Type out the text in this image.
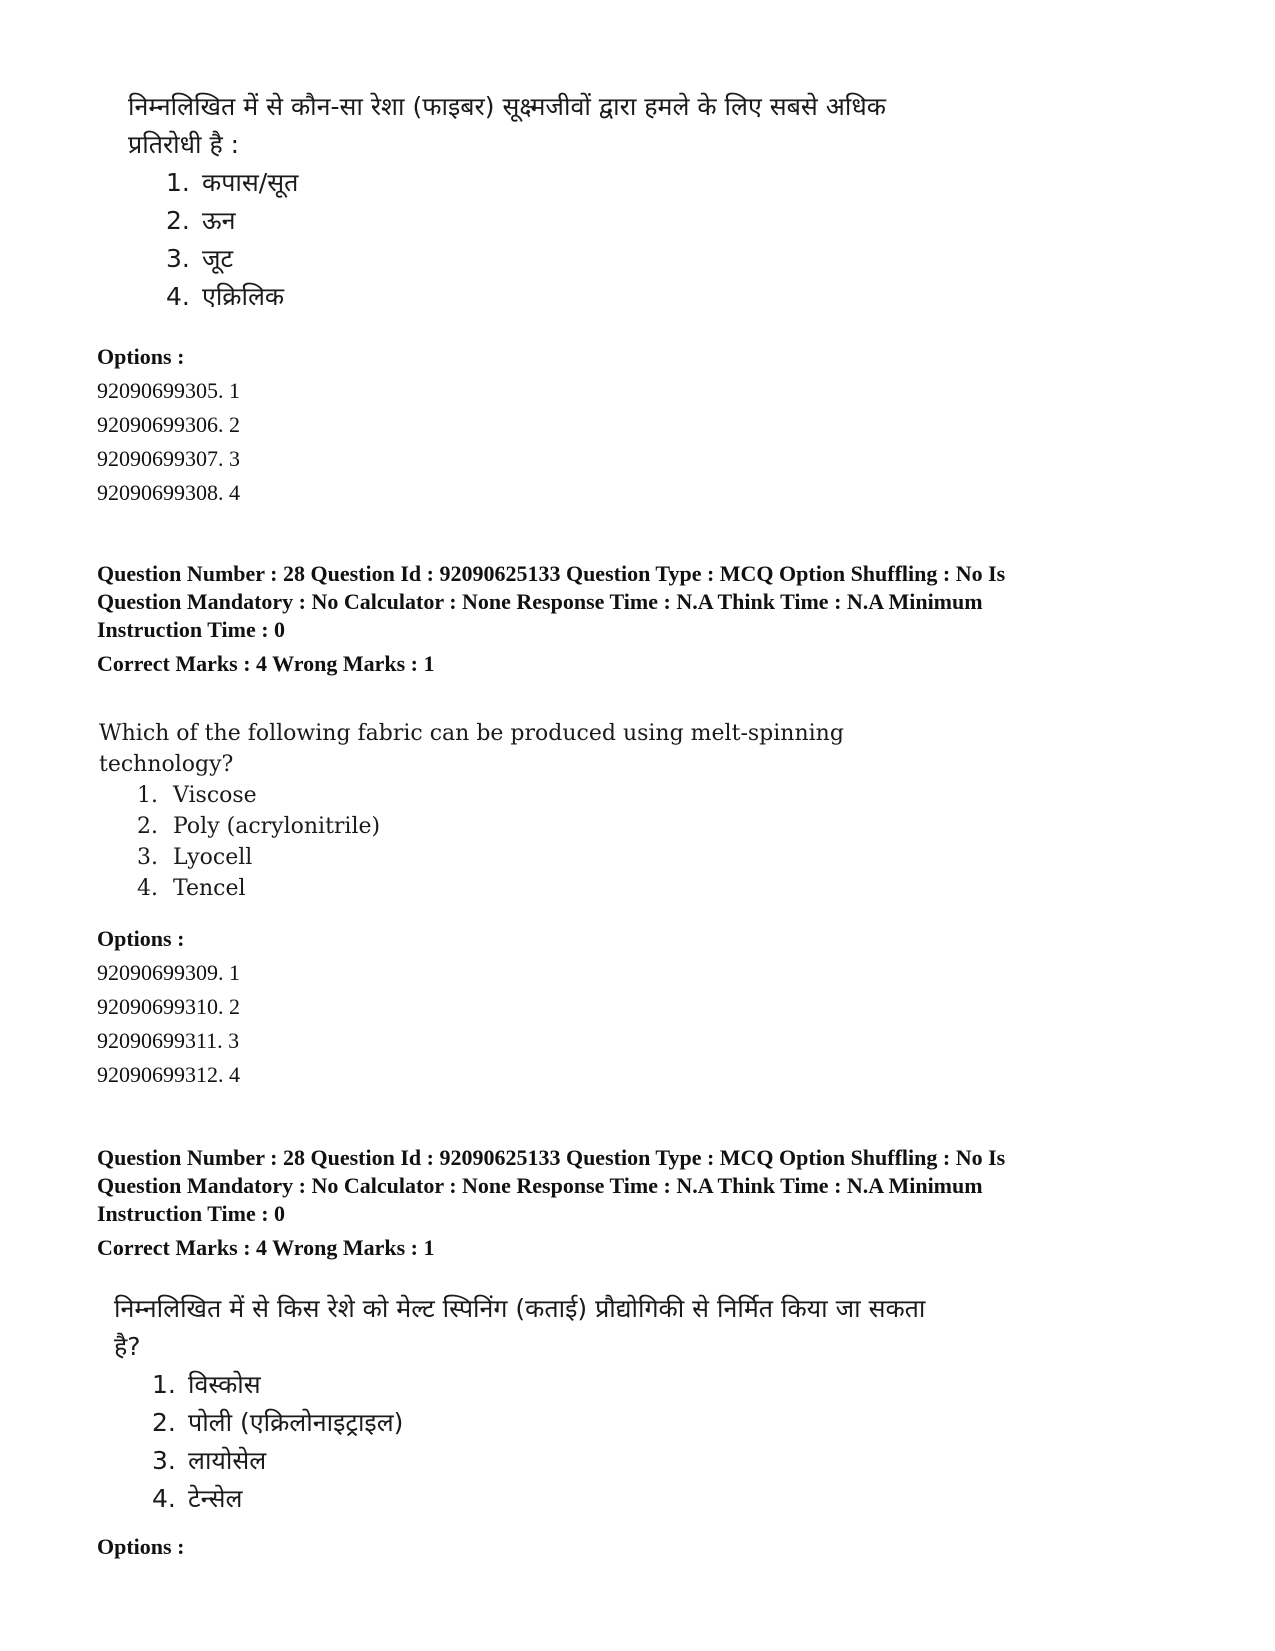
निम्नलिखित में से कौन-सा रेशा (फाइबर) सूक्ष्मजीवों द्वारा हमले के लिए सबसे अधिक
प्रतिरोधी है :
1. कपास/सूत
2. ऊन
3. जूट
4. एक्रिलिक
Options :
92090699305. 1
92090699306. 2
92090699307. 3
92090699308. 4
Question Number : 28 Question Id : 92090625133 Question Type : MCQ Option Shuffling : No Is
Question Mandatory : No Calculator : None Response Time : N.A Think Time : N.A Minimum
Instruction Time : 0
Correct Marks : 4 Wrong Marks : 1
Which of the following fabric can be produced using melt-spinning
technology?
1. Viscose
2. Poly (acrylonitrile)
3. Lyocell
4. Tencel
Options :
92090699309. 1
92090699310. 2
92090699311. 3
92090699312. 4
Question Number : 28 Question Id : 92090625133 Question Type : MCQ Option Shuffling : No Is
Question Mandatory : No Calculator : None Response Time : N.A Think Time : N.A Minimum
Instruction Time : 0
Correct Marks : 4 Wrong Marks : 1
निम्नलिखित में से किस रेशे को मेल्ट स्पिनिंग (कताई) प्रौद्योगिकी से निर्मित किया जा सकता
है?
1. विस्कोस
2. पोली (एक्रिलोनाइट्राइल)
3. लायोसेल
4. टेन्सेल
Options :
